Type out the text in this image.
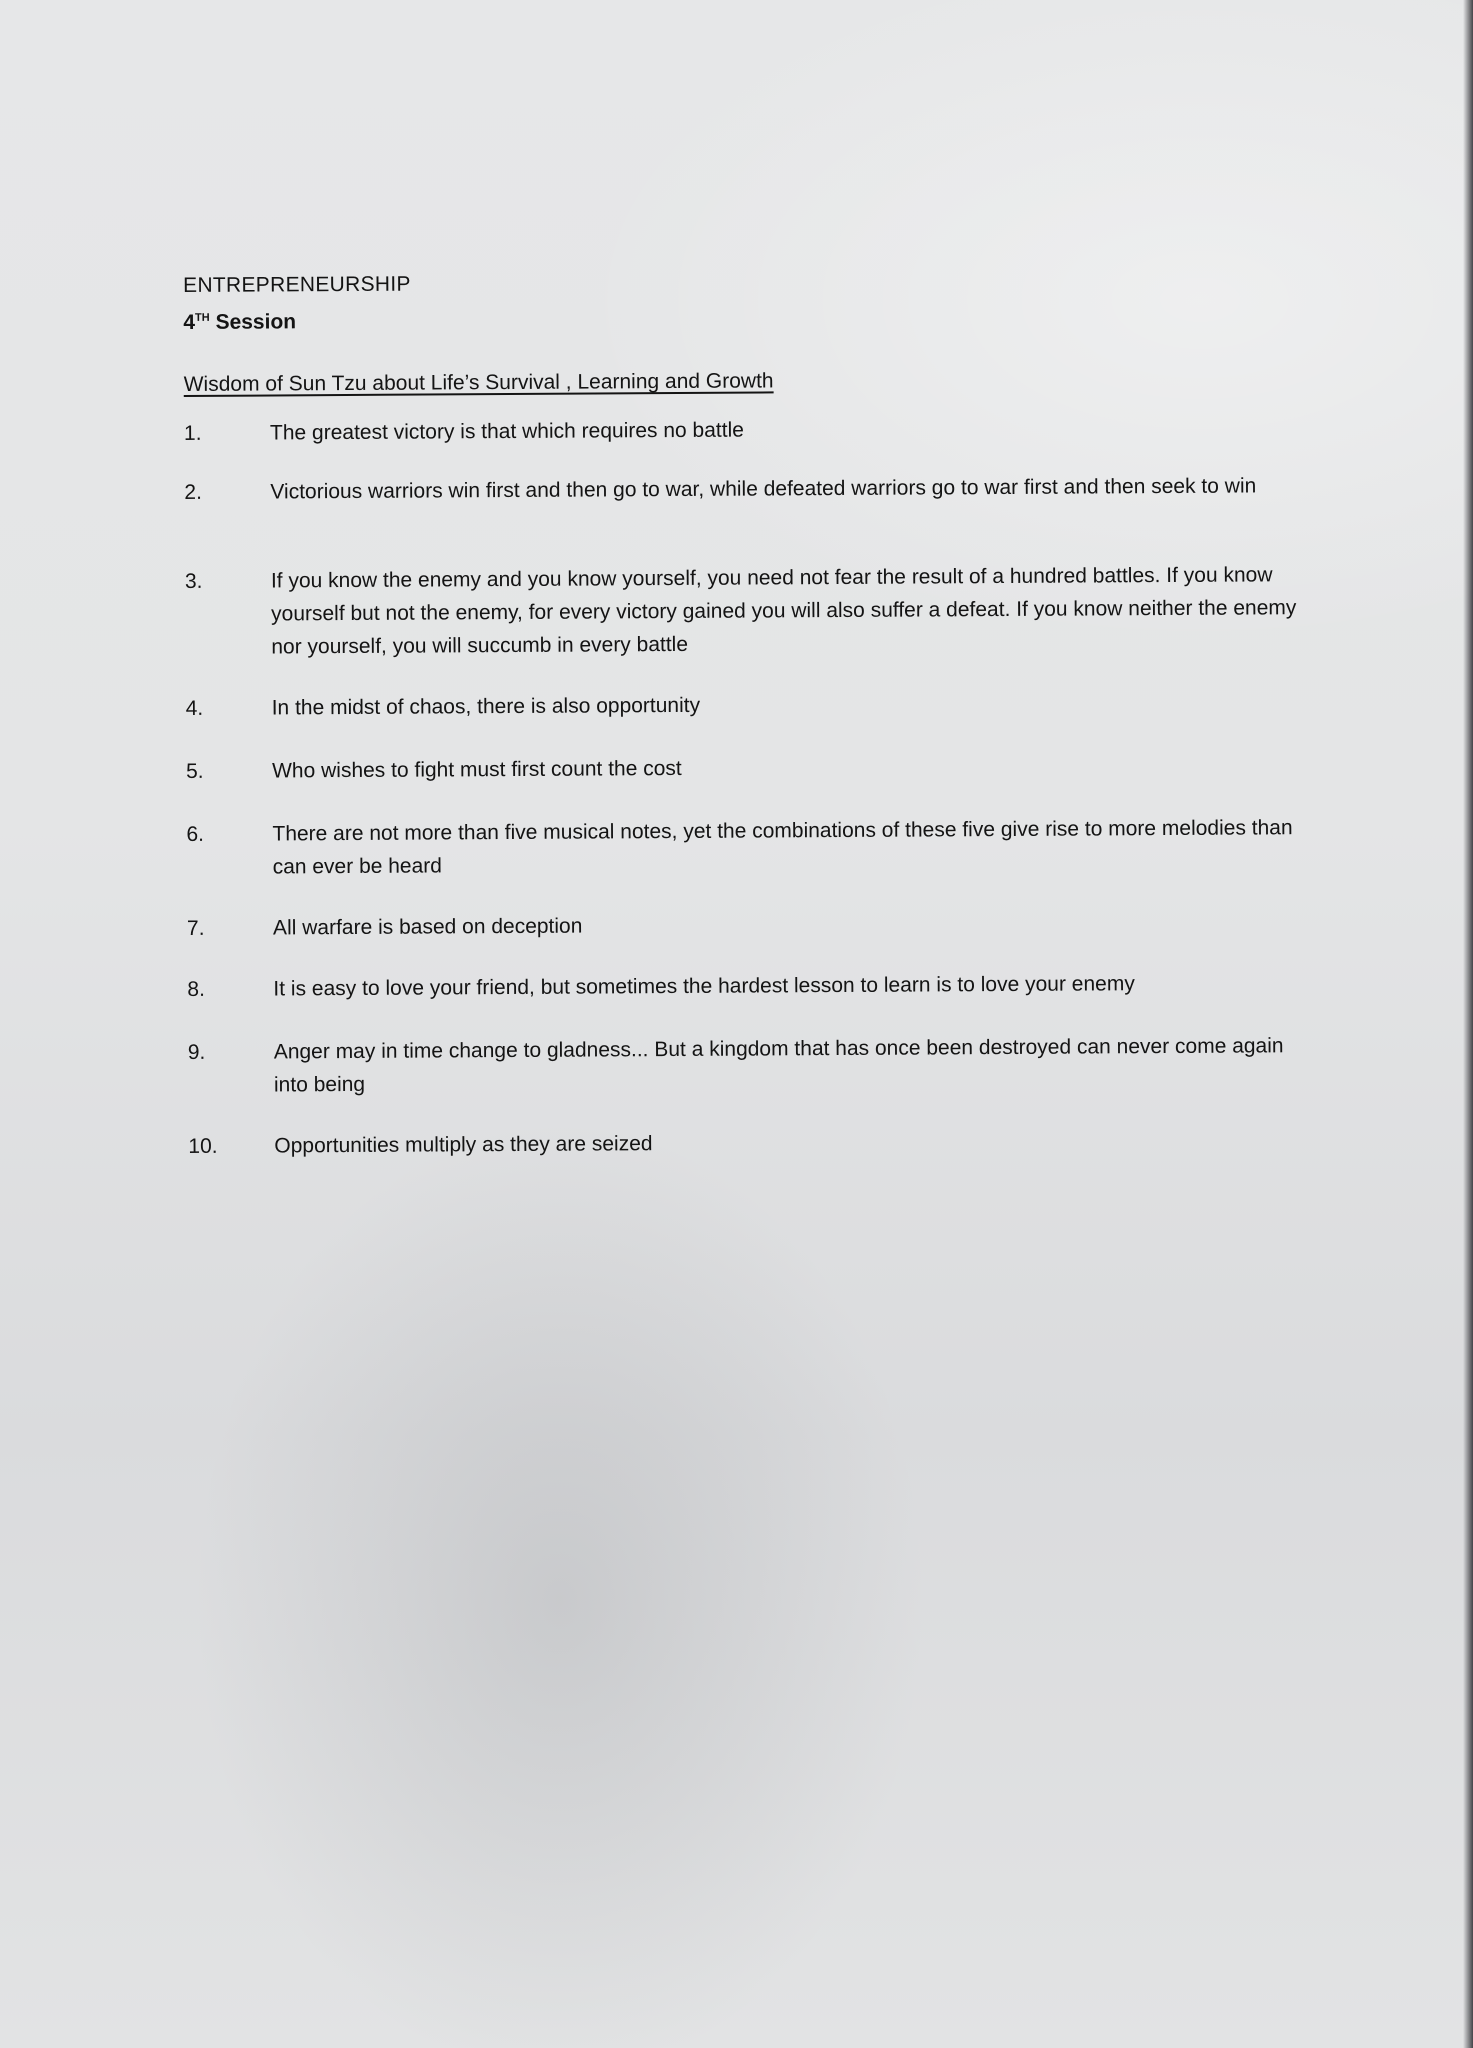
ENTREPRENEURSHIP
4TH Session
Wisdom of Sun Tzu about Life’s Survival , Learning and Growth
1.	The greatest victory is that which requires no battle
2.	Victorious warriors win first and then go to war, while defeated warriors go to war first and then seek to win
3.	If you know the enemy and you know yourself, you need not fear the result of a hundred battles. If you know yourself but not the enemy, for every victory gained you will also suffer a defeat. If you know neither the enemy nor yourself, you will succumb in every battle
4.	In the midst of chaos, there is also opportunity
5.	Who wishes to fight must first count the cost
6.	There are not more than five musical notes, yet the combinations of these five give rise to more melodies than can ever be heard
7.	All warfare is based on deception
8.	It is easy to love your friend, but sometimes the hardest lesson to learn is to love your enemy
9.	Anger may in time change to gladness... But a kingdom that has once been destroyed can never come again into being
10.	Opportunities multiply as they are seized
